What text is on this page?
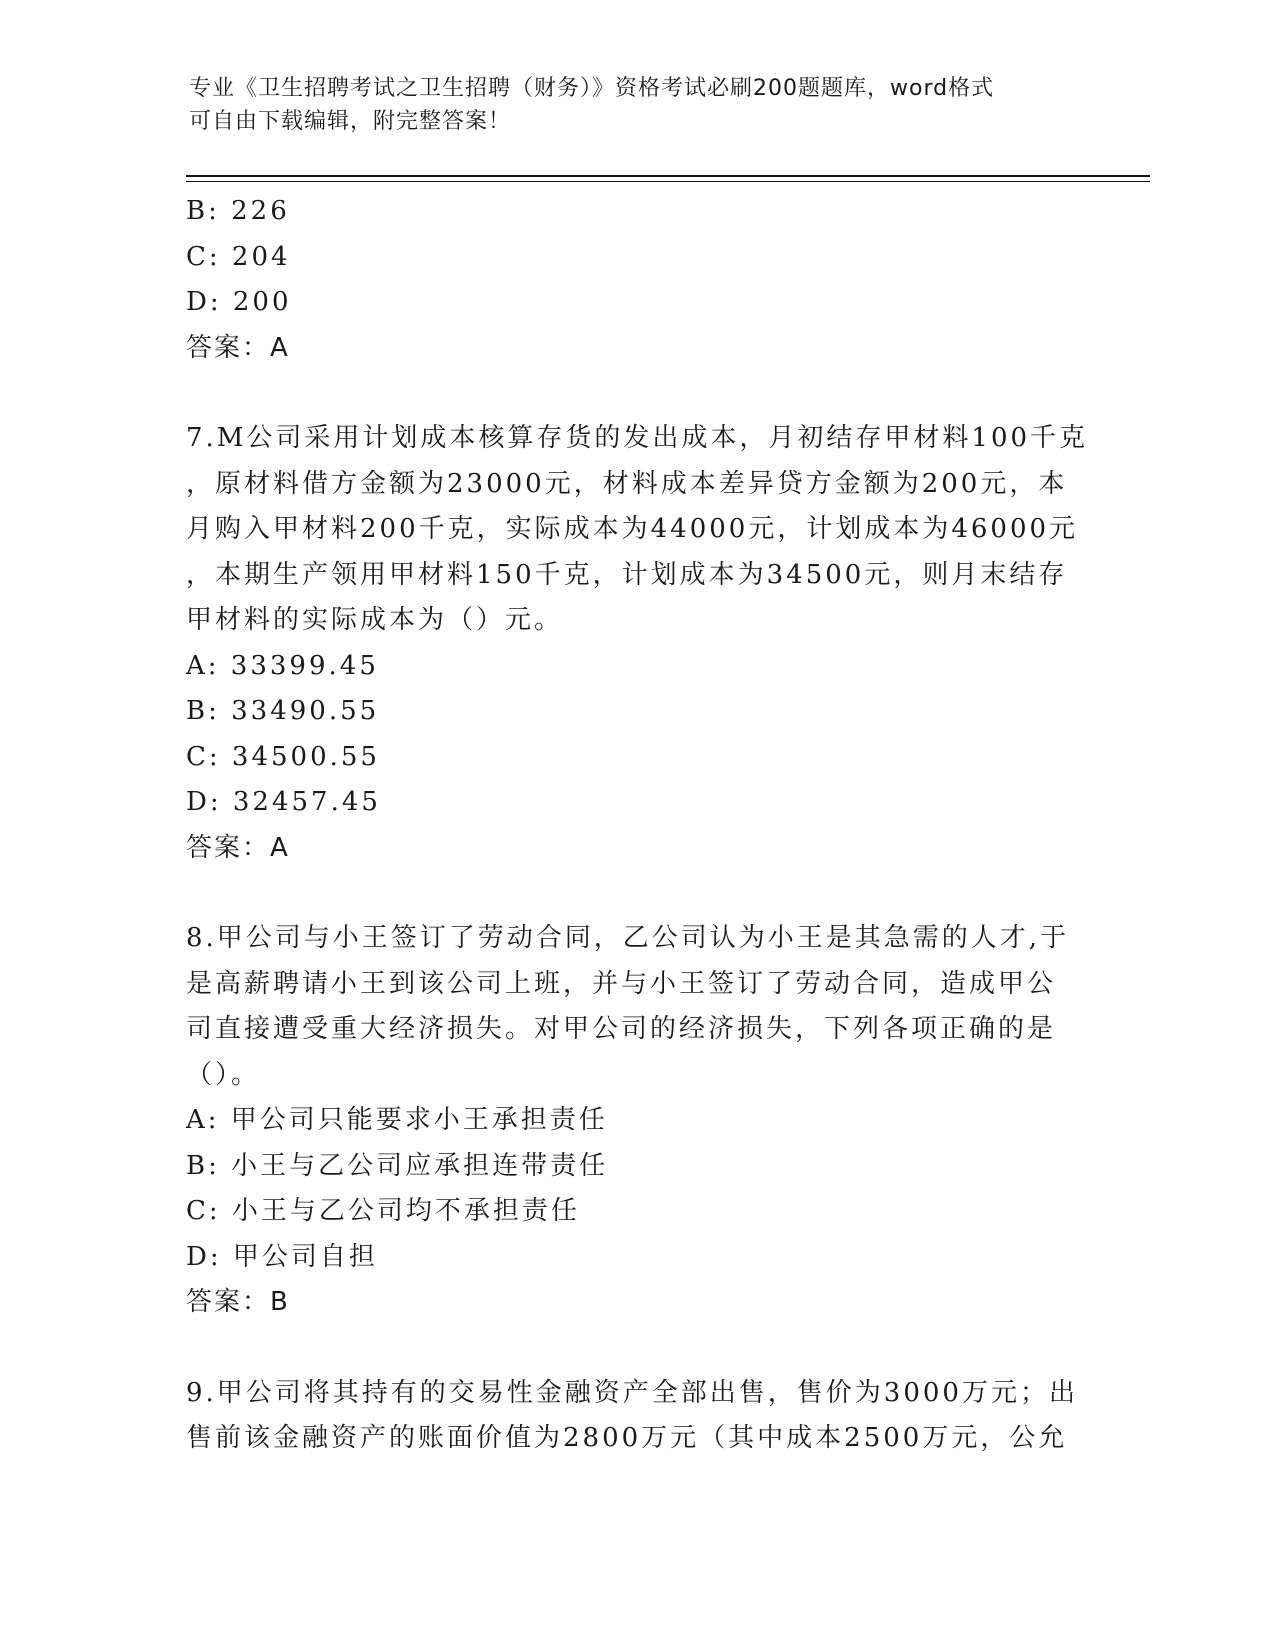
专业《卫生招聘考试之卫生招聘（财务）》资格考试必刷200题题库，word格式
可自由下载编辑，附完整答案！
B: 226
C: 204
D: 200
答案：A
7.M公司采用计划成本核算存货的发出成本，月初结存甲材料100千克
，原材料借方金额为23000元，材料成本差异贷方金额为200元，本
月购入甲材料200千克，实际成本为44000元，计划成本为46000元
，本期生产领用甲材料150千克，计划成本为34500元，则月末结存
甲材料的实际成本为（）元。
A: 33399.45
B: 33490.55
C: 34500.55
D: 32457.45
答案：A
8.甲公司与小王签订了劳动合同，乙公司认为小王是其急需的人才,于
是高薪聘请小王到该公司上班，并与小王签订了劳动合同，造成甲公
司直接遭受重大经济损失。对甲公司的经济损失，下列各项正确的是
（）。
A: 甲公司只能要求小王承担责任
B: 小王与乙公司应承担连带责任
C: 小王与乙公司均不承担责任
D: 甲公司自担
答案：B
9.甲公司将其持有的交易性金融资产全部出售，售价为3000万元；出
售前该金融资产的账面价值为2800万元（其中成本2500万元，公允
